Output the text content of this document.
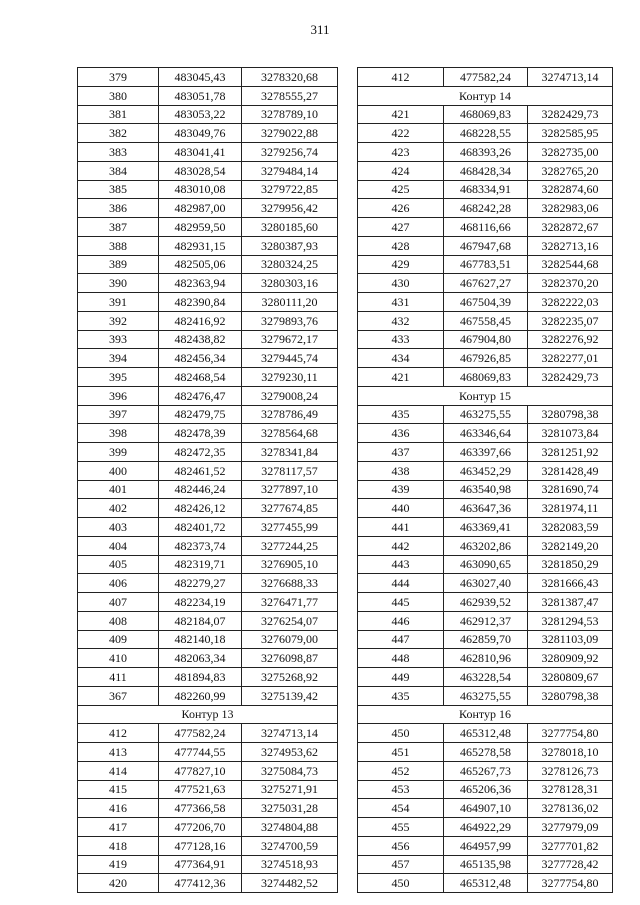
311
379	483045,43	3278320,68
380	483051,78	3278555,27
381	483053,22	3278789,10
382	483049,76	3279022,88
383	483041,41	3279256,74
384	483028,54	3279484,14
385	483010,08	3279722,85
386	482987,00	3279956,42
387	482959,50	3280185,60
388	482931,15	3280387,93
389	482505,06	3280324,25
390	482363,94	3280303,16
391	482390,84	3280111,20
392	482416,92	3279893,76
393	482438,82	3279672,17
394	482456,34	3279445,74
395	482468,54	3279230,11
396	482476,47	3279008,24
397	482479,75	3278786,49
398	482478,39	3278564,68
399	482472,35	3278341,84
400	482461,52	3278117,57
401	482446,24	3277897,10
402	482426,12	3277674,85
403	482401,72	3277455,99
404	482373,74	3277244,25
405	482319,71	3276905,10
406	482279,27	3276688,33
407	482234,19	3276471,77
408	482184,07	3276254,07
409	482140,18	3276079,00
410	482063,34	3276098,87
411	481894,83	3275268,92
367	482260,99	3275139,42
Контур 13		
412	477582,24	3274713,14
413	477744,55	3274953,62
414	477827,10	3275084,73
415	477521,63	3275271,91
416	477366,58	3275031,28
417	477206,70	3274804,88
418	477128,16	3274700,59
419	477364,91	3274518,93
420	477412,36	3274482,52
412	477582,24	3274713,14
Контур 14		
421	468069,83	3282429,73
422	468228,55	3282585,95
423	468393,26	3282735,00
424	468428,34	3282765,20
425	468334,91	3282874,60
426	468242,28	3282983,06
427	468116,66	3282872,67
428	467947,68	3282713,16
429	467783,51	3282544,68
430	467627,27	3282370,20
431	467504,39	3282222,03
432	467558,45	3282235,07
433	467904,80	3282276,92
434	467926,85	3282277,01
421	468069,83	3282429,73
Контур 15		
435	463275,55	3280798,38
436	463346,64	3281073,84
437	463397,66	3281251,92
438	463452,29	3281428,49
439	463540,98	3281690,74
440	463647,36	3281974,11
441	463369,41	3282083,59
442	463202,86	3282149,20
443	463090,65	3281850,29
444	463027,40	3281666,43
445	462939,52	3281387,47
446	462912,37	3281294,53
447	462859,70	3281103,09
448	462810,96	3280909,92
449	463228,54	3280809,67
435	463275,55	3280798,38
Контур 16		
450	465312,48	3277754,80
451	465278,58	3278018,10
452	465267,73	3278126,73
453	465206,36	3278128,31
454	464907,10	3278136,02
455	464922,29	3277979,09
456	464957,99	3277701,82
457	465135,98	3277728,42
450	465312,48	3277754,80
